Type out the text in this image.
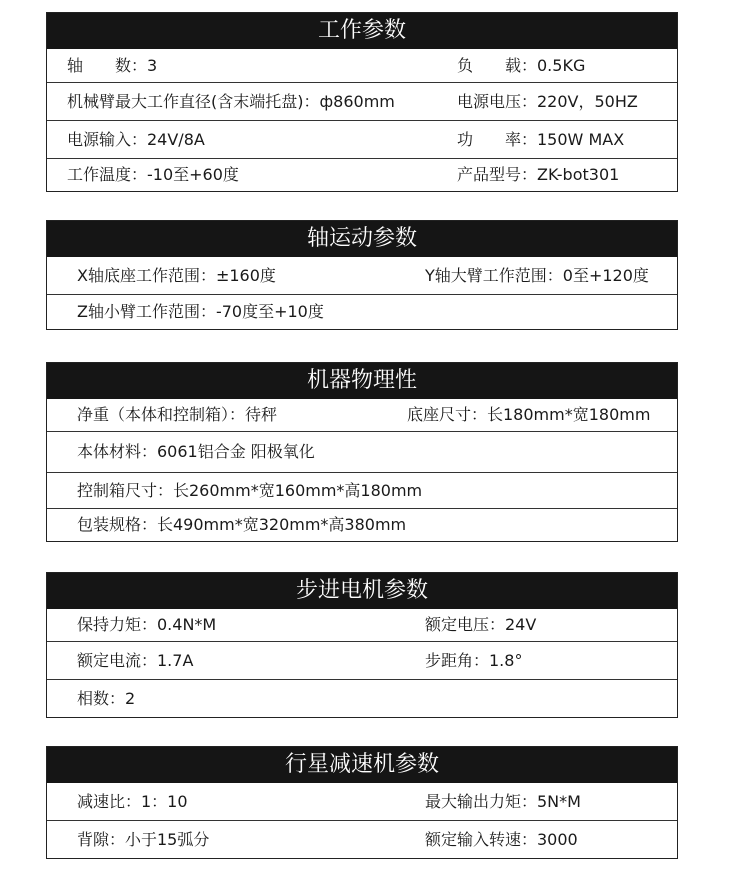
工作参数
轴　　数：3	负　　载：0.5KG
机械臂最大工作直径(含末端托盘)：ф860mm	电源电压：220V，50HZ
电源输入：24V/8A	功　　率：150W MAX
工作温度：-10至+60度	产品型号：ZK-bot301
轴运动参数
X轴底座工作范围：±160度	Y轴大臂工作范围：0至+120度
Z轴小臂工作范围：-70度至+10度
机器物理性
净重（本体和控制箱）：待秤	底座尺寸：长180mm*宽180mm
本体材料：6061铝合金 阳极氧化
控制箱尺寸：长260mm*宽160mm*高180mm
包装规格：长490mm*宽320mm*高380mm
步进电机参数
保持力矩：0.4N*M	额定电压：24V
额定电流：1.7A	步距角：1.8°
相数：2
行星减速机参数
减速比：1：10	最大输出力矩：5N*M
背隙：小于15弧分	额定输入转速：3000
